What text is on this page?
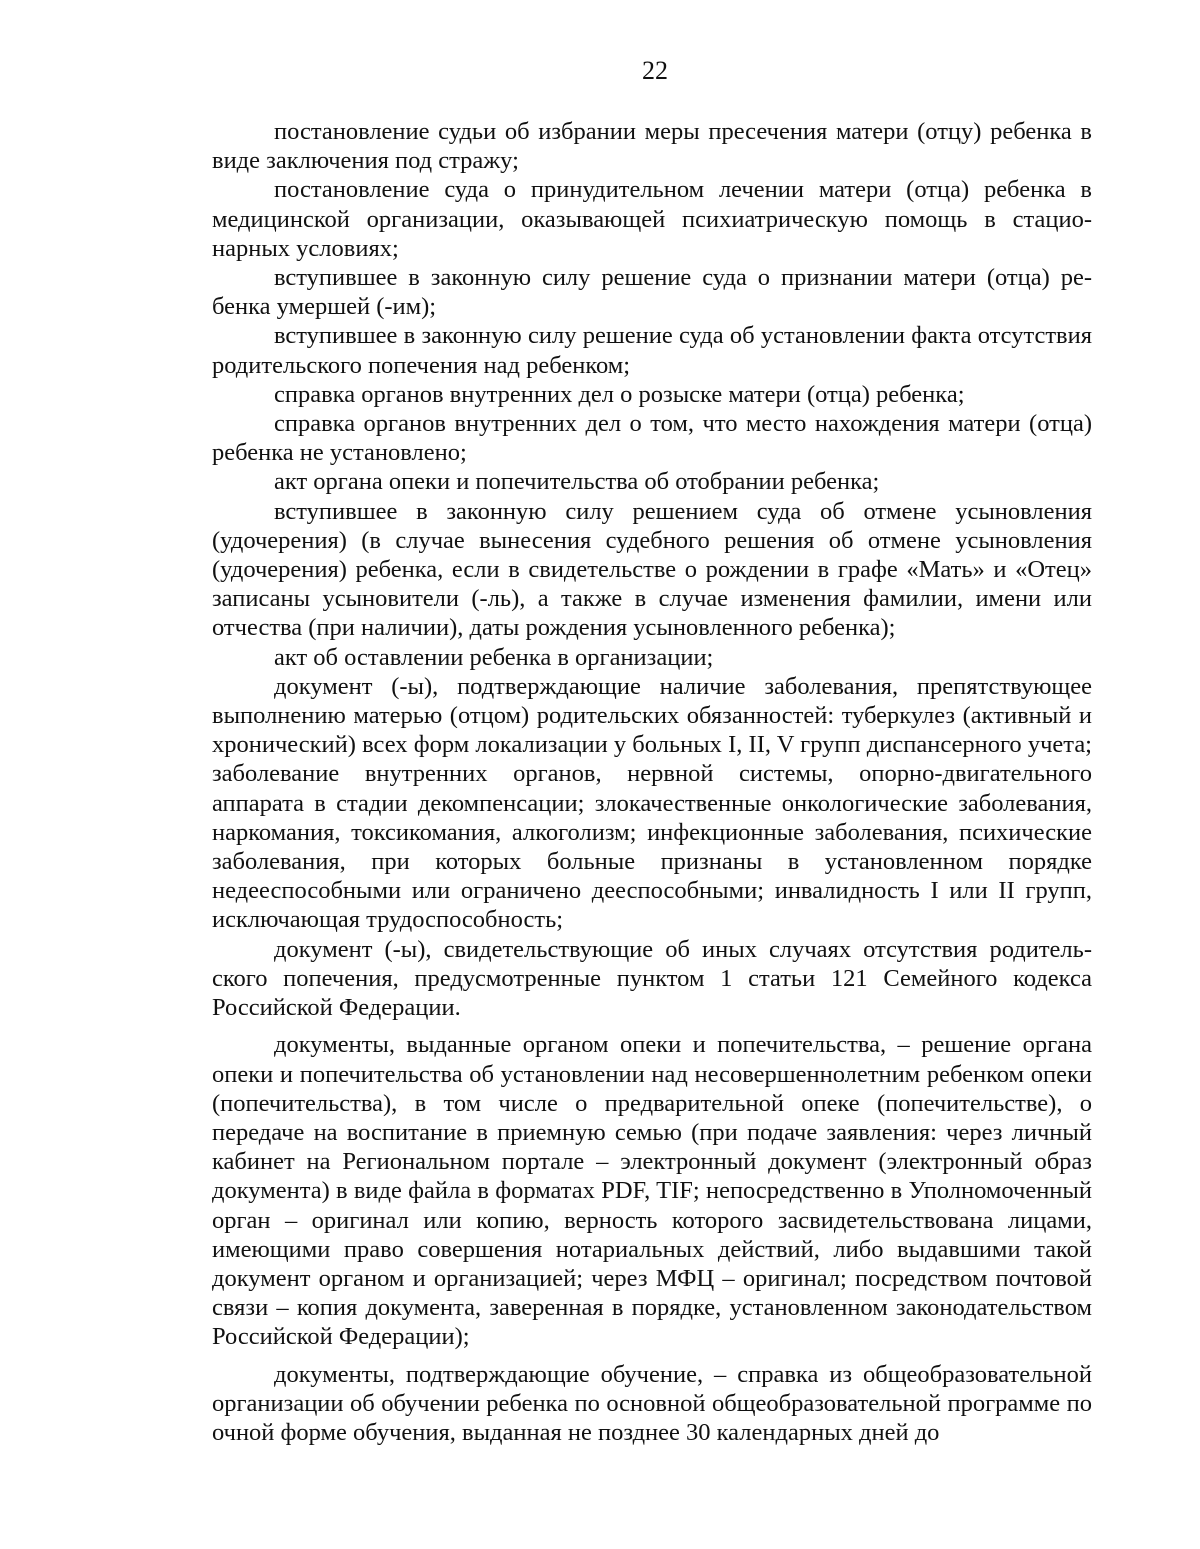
22

постановление судьи об избрании меры пресечения матери (отцу) ребенка в виде заключения под стражу;

постановление суда о принудительном лечении матери (отца) ребенка в медицинской организации, оказывающей психиатрическую помощь в стационарных условиях;

вступившее в законную силу решение суда о признании матери (отца) ребенка умершей (-им);

вступившее в законную силу решение суда об установлении факта отсутствия родительского попечения над ребенком;

справка органов внутренних дел о розыске матери (отца) ребенка;

справка органов внутренних дел о том, что место нахождения матери (отца) ребенка не установлено;

акт органа опеки и попечительства об отобрании ребенка;

вступившее в законную силу решением суда об отмене усыновления (удочерения) (в случае вынесения судебного решения об отмене усыновления (удочерения) ребенка, если в свидетельстве о рождении в графе «Мать» и «Отец» записаны усыновители (-ль), а также в случае изменения фамилии, имени или отчества (при наличии), даты рождения усыновленного ребенка);

акт об оставлении ребенка в организации;

документ (-ы), подтверждающие наличие заболевания, препятствующее выполнению матерью (отцом) родительских обязанностей: туберкулез (активный и хронический) всех форм локализации у больных I, II, V групп диспансерного учета; заболевание внутренних органов, нервной системы, опорно-двигательного аппарата в стадии декомпенсации; злокачественные онкологические заболевания, наркомания, токсикомания, алкоголизм; инфекционные заболевания, психические заболевания, при которых больные признаны в установленном порядке недееспособными или ограничено дееспособными; инвалидность I или II групп, исключающая трудоспособность;

документ (-ы), свидетельствующие об иных случаях отсутствия родительского попечения, предусмотренные пунктом 1 статьи 121 Семейного кодекса Российской Федерации.

документы, выданные органом опеки и попечительства, – решение органа опеки и попечительства об установлении над несовершеннолетним ребенком опеки (попечительства), в том числе о предварительной опеке (попечительстве), о передаче на воспитание в приемную семью (при подаче заявления: через личный кабинет на Региональном портале – электронный документ (электронный образ документа) в виде файла в форматах PDF, TIF; непосредственно в Уполномоченный орган – оригинал или копию, верность которого засвидетельствована лицами, имеющими право совершения нотариальных действий, либо выдавшими такой документ органом и организацией; через МФЦ – оригинал; посредством почтовой связи – копия документа, заверенная в порядке, установленном законодательством Российской Федерации);

документы, подтверждающие обучение, – справка из общеобразовательной организации об обучении ребенка по основной общеобразовательной программе по очной форме обучения, выданная не позднее 30 календарных дней до
